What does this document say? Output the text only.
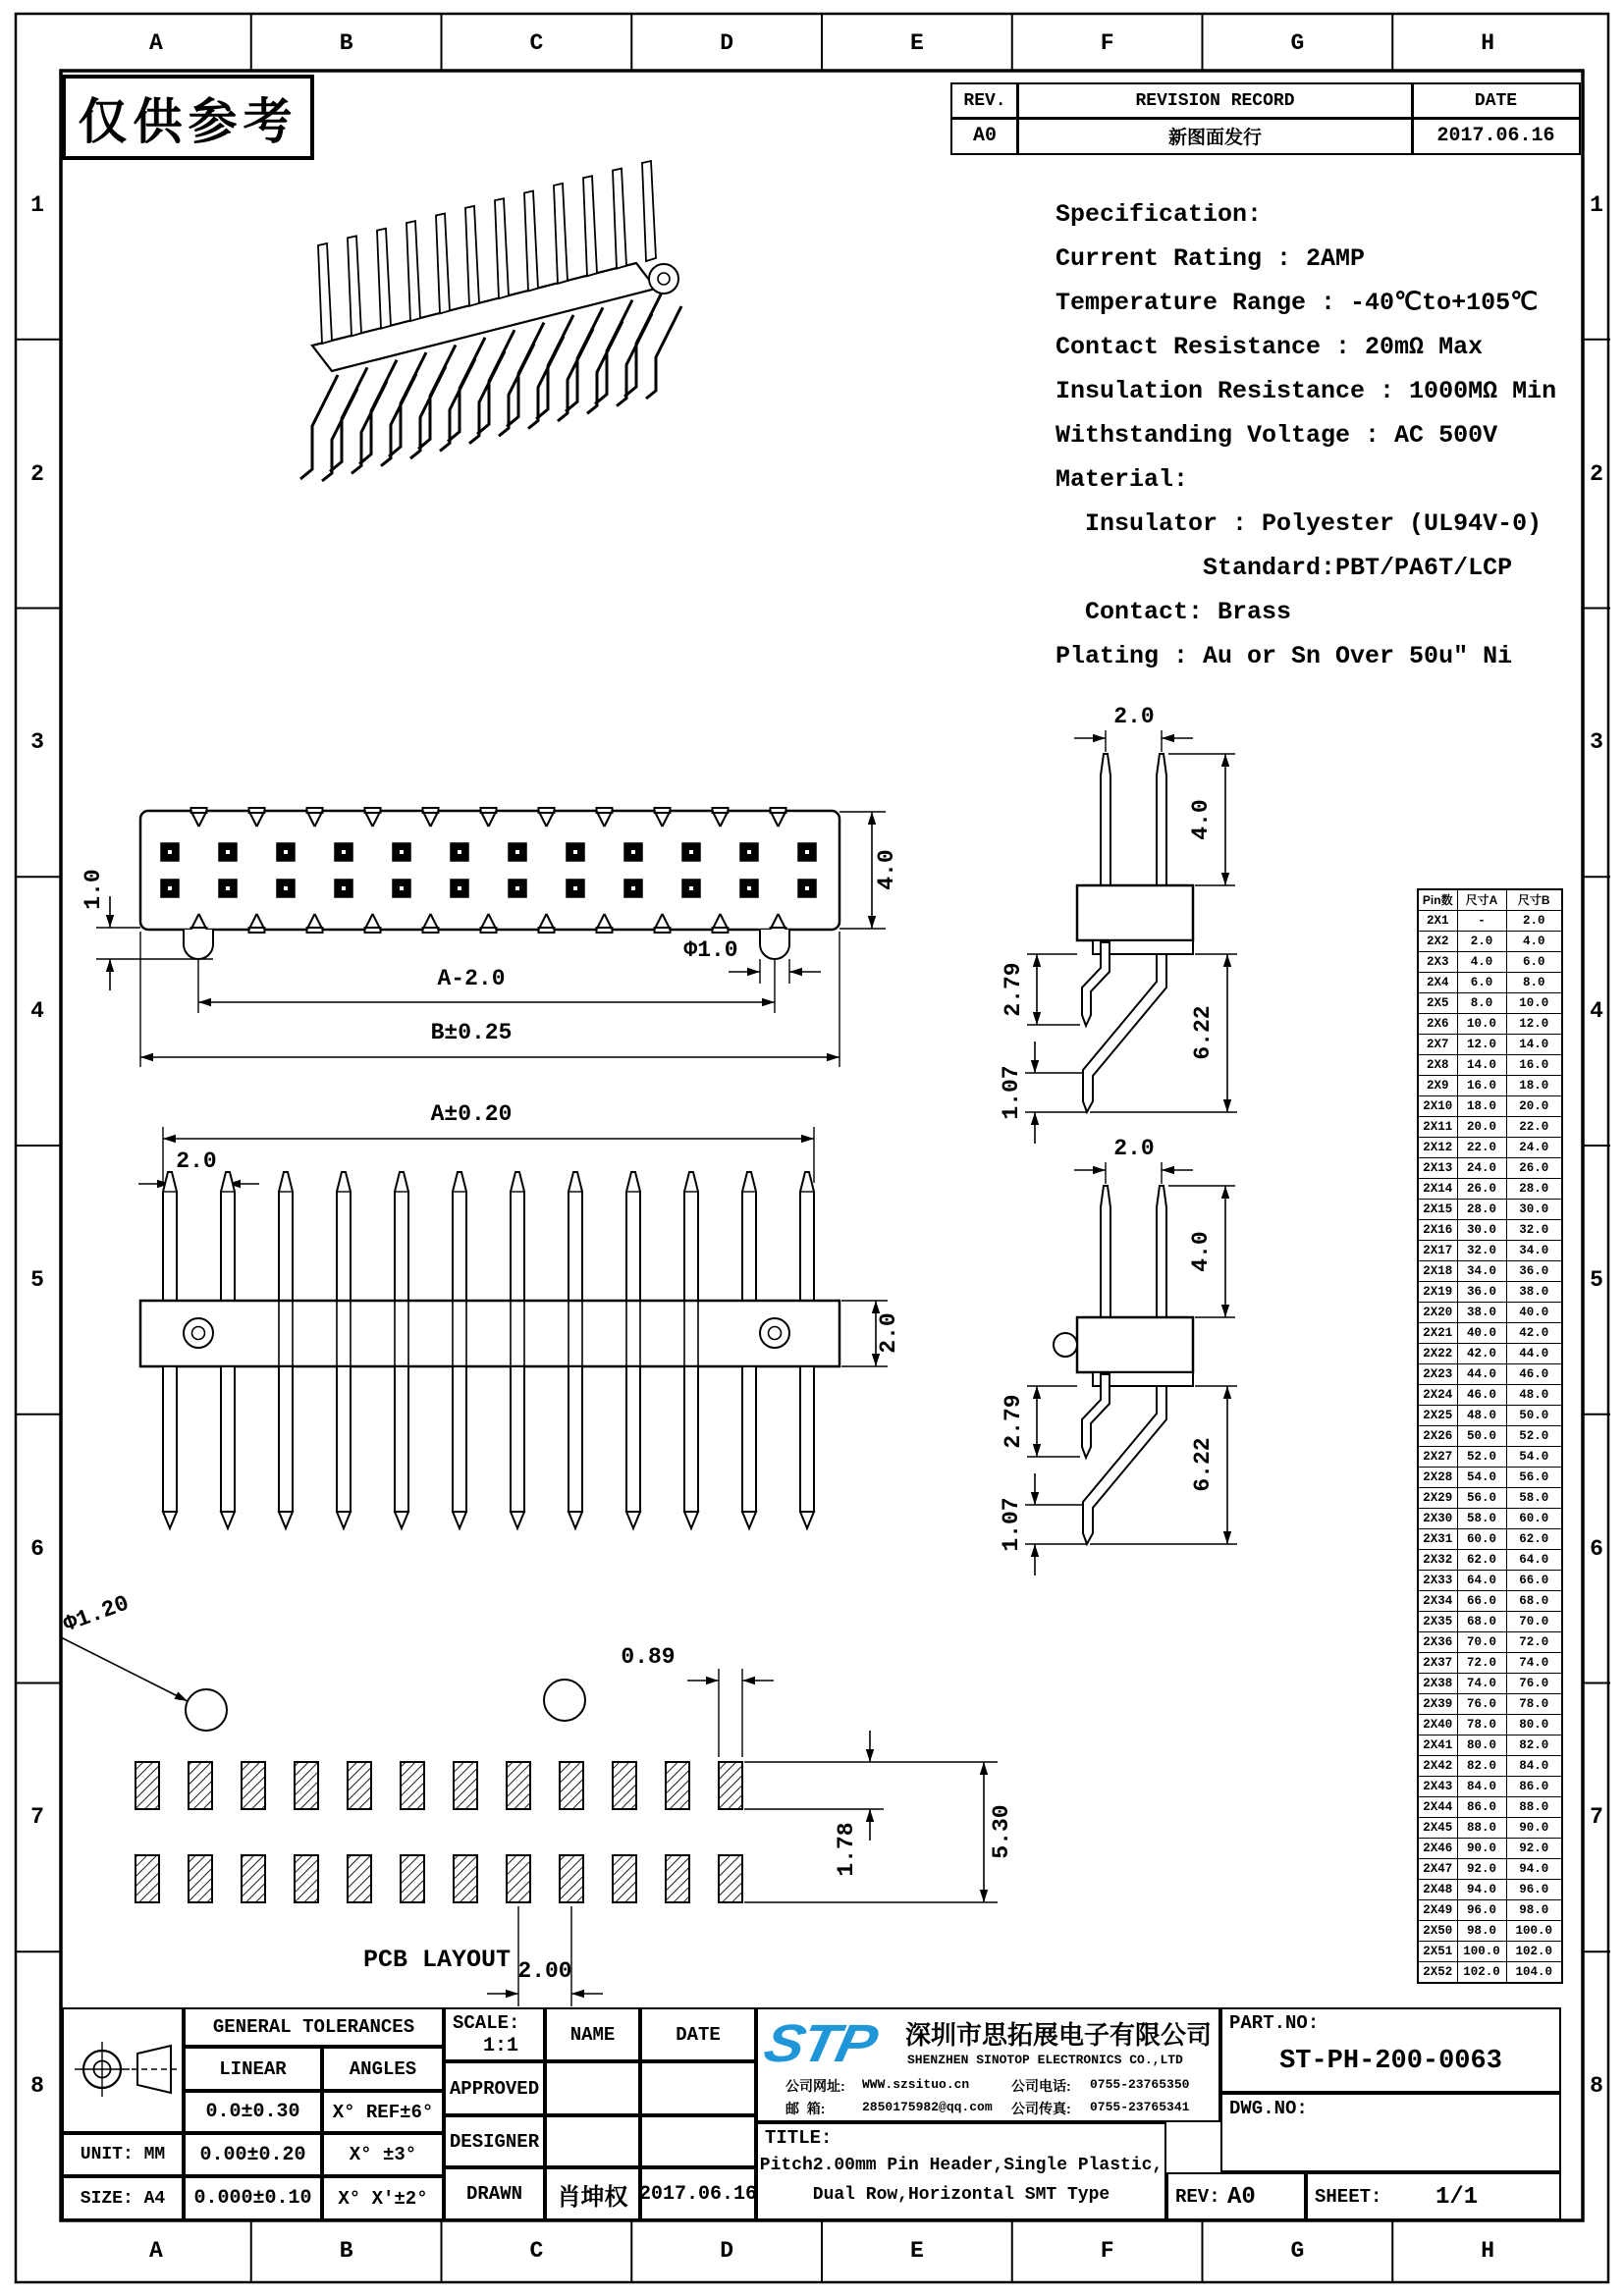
1.0	4.0
Φ1.0
A-2.0
B±0.25
A±0.20
2.0
2.0
2.0
4.0
2.79
6.22
1.07
2.0
4.0
2.79
6.22
1.07
Φ1.20
0.89
1.78	5.30
2.00
PCB LAYOUT
仅供参考	REV.	REVISION RECORD	DATE
A0	新图面发行	2017.06.16
Specification:
Current Rating : 2AMP
Temperature Range : -40℃to+105℃
Contact Resistance : 20mΩ Max
Insulation Resistance : 1000MΩ Min
Withstanding Voltage : AC 500V
Material:
Insulator : Polyester (UL94V-0)
Standard:PBT/PA6T/LCP
Contact: Brass
Plating : Au or Sn Over 50u″ Ni
Pin数	尺寸A	尺寸B
2X1	-	2.0
2X2	2.0	4.0
2X3	4.0	6.0
2X4	6.0	8.0
2X5	8.0	10.0
2X6	10.0	12.0
2X7	12.0	14.0
2X8	14.0	16.0
2X9	16.0	18.0
2X10	18.0	20.0
2X11	20.0	22.0
2X12	22.0	24.0
2X13	24.0	26.0
2X14	26.0	28.0
2X15	28.0	30.0
2X16	30.0	32.0
2X17	32.0	34.0
2X18	34.0	36.0
2X19	36.0	38.0
2X20	38.0	40.0
2X21	40.0	42.0
2X22	42.0	44.0
2X23	44.0	46.0
2X24	46.0	48.0
2X25	48.0	50.0
2X26	50.0	52.0
2X27	52.0	54.0
2X28	54.0	56.0
2X29	56.0	58.0
2X30	58.0	60.0
2X31	60.0	62.0
2X32	62.0	64.0
2X33	64.0	66.0
2X34	66.0	68.0
2X35	68.0	70.0
2X36	70.0	72.0
2X37	72.0	74.0
2X38	74.0	76.0
2X39	76.0	78.0
2X40	78.0	80.0
2X41	80.0	82.0
2X42	82.0	84.0
2X43	84.0	86.0
2X44	86.0	88.0
2X45	88.0	90.0
2X46	90.0	92.0
2X47	92.0	94.0
2X48	94.0	96.0
2X49	96.0	98.0
2X50	98.0	100.0
2X51	100.0	102.0
2X52	102.0	104.0
UNIT: MM
SIZE: A4
GENERAL TOLERANCES
LINEAR	ANGLES
0.0±0.30 X° REF±6°
0.00±0.20 X° ±3°
0.000±0.10 X° X'±2°
SCALE:
1:1
NAME	DATE
APPROVED
DESIGNER
DRAWN 肖坤权 2017.06.16
STP 深圳市思拓展电子有限公司
SHENZHEN SINOTOP ELECTRONICS CO.,LTD
公司网址: WWW.szsituo.cn	公司电话: 0755-23765350
邮  箱:	2850175982@qq.com 公司传真: 0755-23765341
TITLE:
Pitch2.00mm Pin Header,Single Plastic,
Dual Row,Horizontal SMT Type
PART.NO:
ST-PH-200-0063
DWG.NO:
REV: A0	SHEET: 1/1
A
A
B
B
C
C
D
D
E
E
F
F
G
G
H
H
1	1
2	2
3	3
4	4
5	5
6	6
7	7
8	8
